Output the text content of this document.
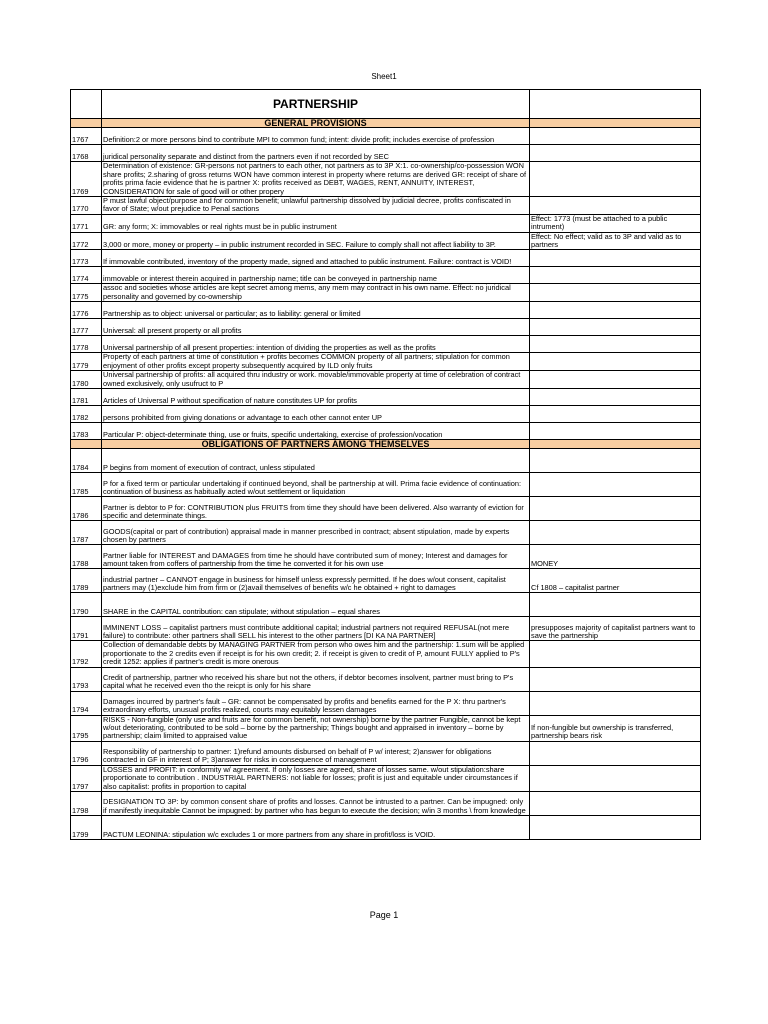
Sheet1
	PARTNERSHIP	
	GENERAL PROVISIONS	
1767	Definition:2 or more persons bind to contribute MPI to common fund; intent: divide profit; includes exercise of profession	
1768	juridical personality separate and distinct from the partners even if not recorded by SEC	
1769	Determination of existence: GR-persons not partners to each other, not partners as to 3P X:1. co-ownership/co-possession WON share profits; 2.sharing of gross returns WON have common interest in property where returns are derived GR: receipt of share of profits prima facie evidence that he is partner X: profits received as DEBT, WAGES, RENT, ANNUITY, INTEREST, CONSIDERATION for sale of good will or other propery	
1770	P must lawful object/purpose and for common benefit; unlawful partnership dissolved by judicial decree, profits confiscated in favor of State; w/out prejudice to Penal sactions	
1771	GR: any form; X: immovables or real rights must be in public instrument	Effect: 1773 (must be attached to a public intrument)
1772	3,000 or more, money or property – in public instrument recorded in SEC. Failure to comply shall not affect liability to 3P.	Effect: No effect; valid as to 3P and valid as to partners
1773	If immovable contributed, inventory of the property made, signed and attached to public instrument. Failure: contract is VOID!	
1774	immovable or interest therein acquired in partnership name; title can be conveyed in partnership name	
1775	assoc and societies whose articles are kept secret among mems, any mem may contract in his own name. Effect: no juridical personality and governed by co-ownership	
1776	Partnership as to object: universal or particular; as to liability: general or limited	
1777	Universal: all present property or all profits	
1778	Universal partnership of all present properties: intention of dividing the properties as well as the profits	
1779	Property of each partners at time of constitution + profits becomes COMMON property of all partners; stipulation for common enjoyment of other profits except property subsequently acquired by ILD only fruits	
1780	Universal partnership of profits: all acquired thru industry or work. movable/immovable property at time of celebration of contract owned exclusively, only usufruct to P	
1781	Articles of Universal P without specification of nature constitutes UP for profits	
1782	persons prohibited from giving donations or advantage to each other cannot enter UP	
1783	Particular P: object-determinate thing, use or fruits, specific undertaking, exercise of profession/vocation	
	OBLIGATIONS OF PARTNERS AMONG THEMSELVES	
1784	P begins from moment of execution of contract, unless stipulated	
1785	P for a fixed term or particular undertaking if continued beyond, shall be partnership at will. Prima facie evidence of continuation: continuation of business as habitually acted w/out settlement or liquidation	
1786	Partner is debtor to P for: CONTRIBUTION plus FRUITS from time they should have been delivered. Also warranty of eviction for specific and determinate things.	
1787	GOODS(capital or part of contribution) appraisal made in manner prescribed in contract; absent stipulation, made by experts chosen by partners	
1788	Partner liable for INTEREST and DAMAGES from time he should have contributed sum of money; Interest and damages for amount taken from coffers of partnership from the time he converted it for his own use	MONEY
1789	industrial partner – CANNOT engage in business for himself unless expressly permitted. If he does w/out consent, capitalist partners may (1)exclude him from firm or (2)avail themselves of benefits w/c he obtained + right to damages	Cf 1808 – capitalist partner
1790	SHARE in the CAPITAL contribution: can stipulate; without stipulation – equal shares	
1791	IMMINENT LOSS – capitalist partners must contribute additional capital; industrial partners not required REFUSAL(not mere failure) to contribute: other partners shall SELL his interest to the other partners [DI KA NA PARTNER]	presupposes majority of capitalist partners want to save the partnership
1792	Collection of demandable debts by MANAGING PARTNER from person who owes him and the partnership: 1.sum will be applied proportionate to the 2 credits even if receipt is for his own credit; 2. if receipt is given to credit of P, amount FULLY applied to P's credit 1252: applies if partner's credit is more onerous	
1793	Credit of partnership, partner who received his share but not the others, if debtor becomes insolvent, partner must bring to P's capital what he received even tho the reicpt is only for his share	
1794	Damages incurred by partner's fault – GR: cannot be compensated by profits and benefits earned for the P X: thru partner's extraordinary efforts, unusual profits realized, courts may equitably lessen damages	
1795	RISKS - Non-fungible (only use and fruits are for common benefit, not ownership) borne by the partner Fungible, cannot be kept w/out deteriorating, contributed to be sold – borne by the partnership; Things bought and appraised in inventory – borne by partnership; claim limited to appraised value	If non-fungible but ownership is transferred, partnership bears risk
1796	Responsibility of partnership to partner: 1)refund amounts disbursed on behalf of P w/ interest; 2)answer for obligations contracted in GF in interest of P; 3)answer for risks in consequence of management	
1797	LOSSES and PROFIT: in conformity w/ agreement. If only losses are agreed, share of losses same. w/out stipulation:share proportionate to contribution . INDUSTRIAL PARTNERS: not liable for losses; profit is just and equitable under circumstances if also capitalist: profits in proportion to capital	
1798	DESIGNATION TO 3P: by common consent share of profits and losses. Cannot be intrusted to a partner. Can be impugned: only if manifestly inequitable Cannot be impugned: by partner who has begun to execute the decision; w/in 3 months \ from knowledge	
1799	PACTUM LEONINA: stipulation w/c excludes 1 or more partners from any share in profit/loss is VOID.	
Page 1
